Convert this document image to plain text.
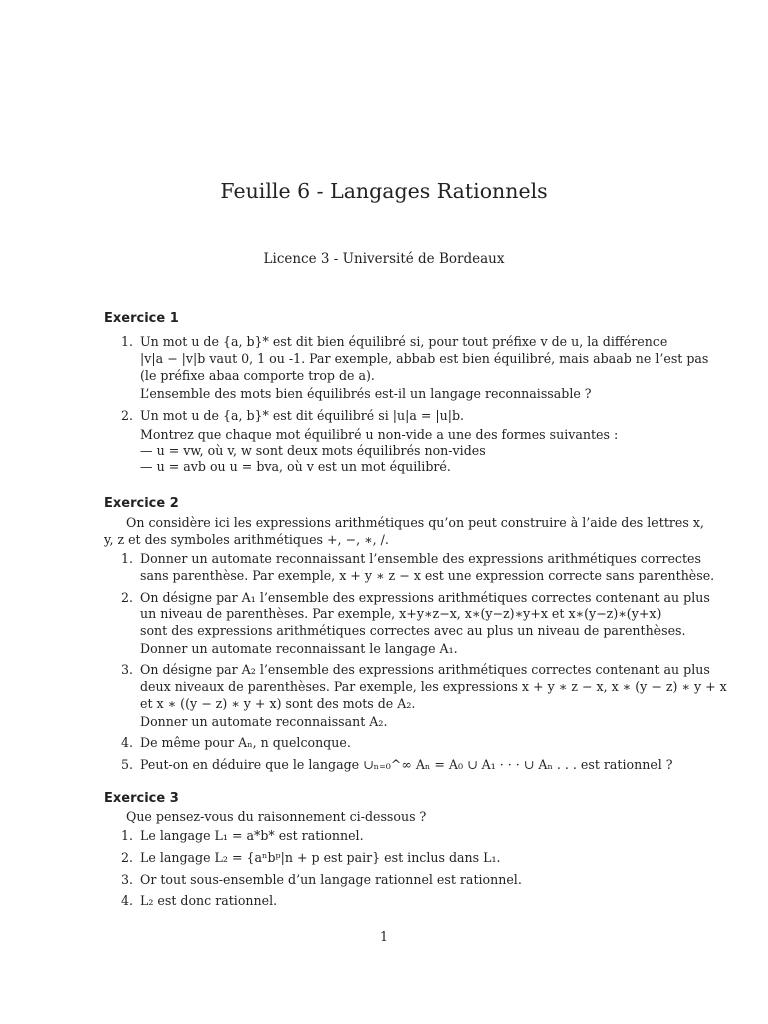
Feuille 6 - Langages Rationnels
Licence 3 - Université de Bordeaux
Exercice 1
1. Un mot u de {a, b}* est dit bien équilibré si, pour tout préfixe v de u, la différence
|v|a − |v|b vaut 0, 1 ou -1. Par exemple, abbab est bien équilibré, mais abaab ne l’est pas
(le préfixe abaa comporte trop de a).
L’ensemble des mots bien équilibrés est-il un langage reconnaissable ?
2. Un mot u de {a, b}* est dit équilibré si |u|a = |u|b.
Montrez que chaque mot équilibré u non-vide a une des formes suivantes :
— u = vw, où v, w sont deux mots équilibrés non-vides
— u = avb ou u = bva, où v est un mot équilibré.
Exercice 2
On considère ici les expressions arithmétiques qu’on peut construire à l’aide des lettres x,
y, z et des symboles arithmétiques +, −, ∗, /.
1. Donner un automate reconnaissant l’ensemble des expressions arithmétiques correctes
sans parenthèse. Par exemple, x + y ∗ z − x est une expression correcte sans parenthèse.
2. On désigne par A₁ l’ensemble des expressions arithmétiques correctes contenant au plus
un niveau de parenthèses. Par exemple, x+y∗z−x, x∗(y−z)∗y+x et x∗(y−z)∗(y+x)
sont des expressions arithmétiques correctes avec au plus un niveau de parenthèses.
Donner un automate reconnaissant le langage A₁.
3. On désigne par A₂ l’ensemble des expressions arithmétiques correctes contenant au plus
deux niveaux de parenthèses. Par exemple, les expressions x + y ∗ z − x, x ∗ (y − z) ∗ y + x
et x ∗ ((y − z) ∗ y + x) sont des mots de A₂.
Donner un automate reconnaissant A₂.
4. De même pour Aₙ, n quelconque.
5. Peut-on en déduire que le langage ∪ₙ₌₀^∞ Aₙ = A₀ ∪ A₁ · · · ∪ Aₙ . . . est rationnel ?
Exercice 3
Que pensez-vous du raisonnement ci-dessous ?
1. Le langage L₁ = a*b* est rationnel.
2. Le langage L₂ = {aⁿbᵖ|n + p est pair} est inclus dans L₁.
3. Or tout sous-ensemble d’un langage rationnel est rationnel.
4. L₂ est donc rationnel.
1
